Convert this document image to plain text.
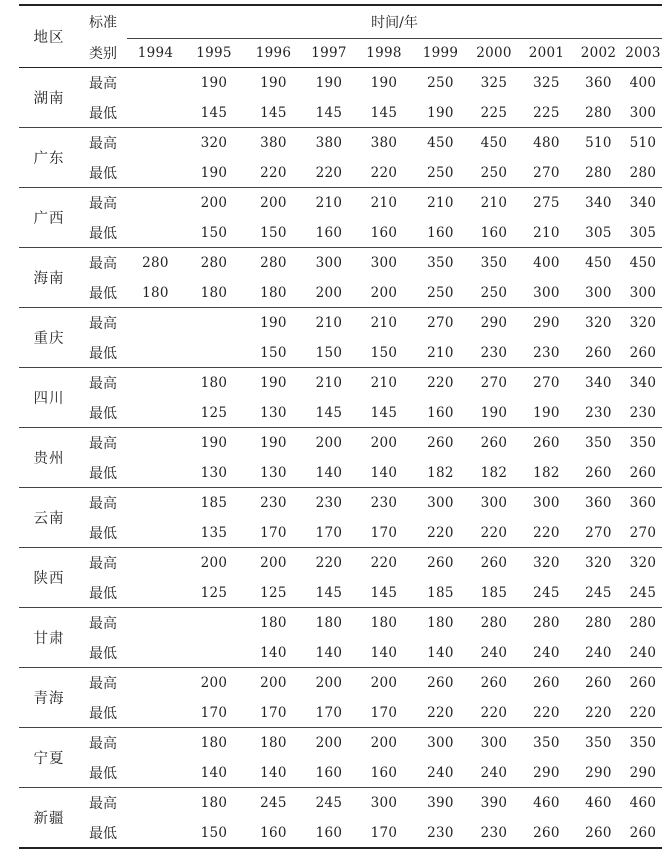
地区	标准	时间/年									
	类别	1994	1995	1996	1997	1998	1999	2000	2001	2002	2003
湖南	最高		190	190	190	190	250	325	325	360	400
	最低		145	145	145	145	190	225	225	280	300
广东	最高		320	380	380	380	450	450	480	510	510
	最低		190	220	220	220	250	250	270	280	280
广西	最高		200	200	210	210	210	210	275	340	340
	最低		150	150	160	160	160	160	210	305	305
海南	最高	280	280	280	300	300	350	350	400	450	450
	最低	180	180	180	200	200	250	250	300	300	300
重庆	最高			190	210	210	270	290	290	320	320
	最低			150	150	150	210	230	230	260	260
四川	最高		180	190	210	210	220	270	270	340	340
	最低		125	130	145	145	160	190	190	230	230
贵州	最高		190	190	200	200	260	260	260	350	350
	最低		130	130	140	140	182	182	182	260	260
云南	最高		185	230	230	230	300	300	300	360	360
	最低		135	170	170	170	220	220	220	270	270
陕西	最高		200	200	220	220	260	260	320	320	320
	最低		125	125	145	145	185	185	245	245	245
甘肃	最高			180	180	180	180	280	280	280	280
	最低			140	140	140	140	240	240	240	240
青海	最高		200	200	200	200	260	260	260	260	260
	最低		170	170	170	170	220	220	220	220	220
宁夏	最高		180	180	200	200	300	300	350	350	350
	最低		140	140	160	160	240	240	290	290	290
新疆	最高		180	245	245	300	390	390	460	460	460
	最低		150	160	160	170	230	230	260	260	260
